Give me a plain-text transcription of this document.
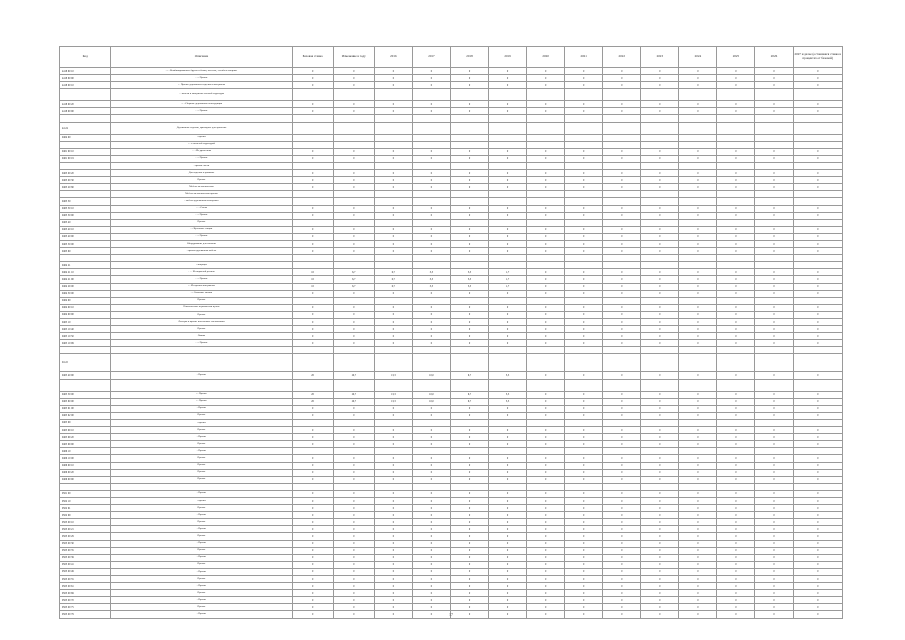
Код	Описание	Базовая ставка	Изменение в году	2016	2017	2018	2019	2020	2021	2022	2023	2024	2025	2026	2027 и далее (оставшаяся ставка в процентах от базовой)
4418 60 10	- - - Комбинированные брусья и балки, клееные, столбы и опорные	0	0	0	0	0	0	0	0	0	0	0	0	0	0
4418 60 90	- - - Прочие	0	0	0	0	0	0	0	0	0	0	0	0	0	0
4418 90 10	- - Прочие деревянные изделия и материалы	0	0	0	0	0	0	0	0	0	0	0	0	0	0
	- - панели и материалы сотовой структуры														
4418 90 20	- - - Сборные деревянные конструкции	0	0	0	0	0	0	0	0	0	0	0	0	0	0
4418 90 90	- - - Прочие	0	0	0	0	0	0	0	0	0	0	0	0	0	0

44 24	Деревянные изделия, пригодные для хранения														
9404 90	- прочие														
	- - с ячеистой структурой														
9401 90 10	- - - Из древесины	0	0	0	0	0	0	0	0	0	0	0	0	0	0
9401 90 19	- - - Прочие	0	0	0	0	0	0	0	0	0	0	0	0	0	0
	- прочие части														
9403 00 20	Для сидения в трамваях	0	0	0	0	0	0	0	0	0	0	0	0	0	0
9403 00 30	Прочие	0	0	0	0	0	0	0	0	0	0	0	0	0	0
9403 20 80	Мебель металлическая	0	0	0	0	0	0	0	0	0	0	0	0	0	0
	Мебель металлическая прочая														
9403 30	- мебель деревянная конторская														
9403 30 10	- - - Столы	0	0	0	0	0	0	0	0	0	0	0	0	0	0
9403 30 90	- - - Прочие	0	0	0	0	0	0	0	0	0	0	0	0	0	0
9403 40	Прочие														
9403 40 10	- - Кухонные секции	0	0	0	0	0	0	0	0	0	0	0	0	0	0
9403 40 90	- - - Прочие	0	0	0	0	0	0	0	0	0	0	0	0	0	0
9403 50 00	Оборудование для спальни	0	0	0	0	0	0	0	0	0	0	0	0	0	0
9403 60	- прочая деревянная мебель	0	0	0	0	0	0	0	0	0	0	0	0	0	0

9404 21	- матрацы														
9404 21 10	- - - Из пористой резины	10	6,7	6,7	3,3	3,3	1,7	0	0	0	0	0	0	0	0
9404 21 90	- - - Прочие	10	6,7	6,7	3,3	3,3	1,7	0	0	0	0	0	0	0	0
9404 29 00	- - Из прочих материалов	10	6,7	6,7	3,3	3,3	1,7	0	0	0	0	0	0	0	0
9404 30 00	- - Спальные мешки	0	0	0	0	0	0	0	0	0	0	0	0	0	0
9404 90	Прочие														
9404 90 10	Наполненные перьями или пухом	0	0	0	0	0	0	0	0	0	0	0	0	0	0
9404 90 90	Прочие	0	0	0	0	0	0	0	0	0	0	0	0	0	0
9405 10	Люстры и прочие потолочные светильники	0	0	0	0	0	0	0	0	0	0	0	0	0	0
9405 10 40	Прочие	0	0	0	0	0	0	0	0	0	0	0	0	0	0
9405 10 50	Лампы	0	0	0	0	0	0	0	0	0	0	0	0	0	0
9405 10 99	- - - Прочие	0	0	0	0	0	0	0	0	0	0	0	0	0	0

94 22															
9405 40 90	- Прочие	20	16,7	13,3	10,0	6,7	3,3	0	0	0	0	0	0	0	0

9405 50 00	- - Прочие	20	16,7	13,3	10,0	6,7	3,3	0	0	0	0	0	0	0	0
9405 60 00	- - Прочие	20	16,7	13,3	10,0	6,7	3,3	0	0	0	0	0	0	0	0
9405 91 00	- Прочие	0	0	0	0	0	0	0	0	0	0	0	0	0	0
9405 92 00	Прочие	0	0	0	0	0	0	0	0	0	0	0	0	0	0
9405 99	- прочие														
9405 99 10	Прочие	0	0	0	0	0	0	0	0	0	0	0	0	0	0
9405 99 20	- Прочие	0	0	0	0	0	0	0	0	0	0	0	0	0	0
9405 99 90	Прочие	0	0	0	0	0	0	0	0	0	0	0	0	0	0
9406 10	- Прочие														
9406 10 00	Прочие	0	0	0	0	0	0	0	0	0	0	0	0	0	0
9406 90 10	Прочие	0	0	0	0	0	0	0	0	0	0	0	0	0	0
9406 90 20	Прочие	0	0	0	0	0	0	0	0	0	0	0	0	0	0
9406 90 90	Прочие	0	0	0	0	0	0	0	0	0	0	0	0	0	0

9501 00	- Прочие	0	0	0	0	0	0	0	0	0	0	0	0	0	0
9502 10	- прочие	0	0	0	0	0	0	0	0	0	0	0	0	0	0
9502 91	Прочие	0	0	0	0	0	0	0	0	0	0	0	0	0	0
9502 99	- Прочие	0	0	0	0	0	0	0	0	0	0	0	0	0	0
9503 00 10	Прочие	0	0	0	0	0	0	0	0	0	0	0	0	0	0
9503 00 21	- Прочие	0	0	0	0	0	0	0	0	0	0	0	0	0	0
9503 00 29	Прочие	0	0	0	0	0	0	0	0	0	0	0	0	0	0
9503 00 30	- Прочие	0	0	0	0	0	0	0	0	0	0	0	0	0	0
9503 00 35	Прочие	0	0	0	0	0	0	0	0	0	0	0	0	0	0
9503 00 39	- Прочие	0	0	0	0	0	0	0	0	0	0	0	0	0	0
9503 00 41	Прочие	0	0	0	0	0	0	0	0	0	0	0	0	0	0
9503 00 49	- Прочие	0	0	0	0	0	0	0	0	0	0	0	0	0	0
9503 00 55	Прочие	0	0	0	0	0	0	0	0	0	0	0	0	0	0
9503 00 61	- Прочие	0	0	0	0	0	0	0	0	0	0	0	0	0	0
9503 00 69	Прочие	0	0	0	0	0	0	0	0	0	0	0	0	0	0
9503 00 70	- Прочие	0	0	0	0	0	0	0	0	0	0	0	0	0	0
9503 00 75	Прочие	0	0	0	0	0	0	0	0	0	0	0	0	0	0
9503 00 79	- Прочие	0	0	0	0	0	0	0	0	0	0	0	0	0	0
17
